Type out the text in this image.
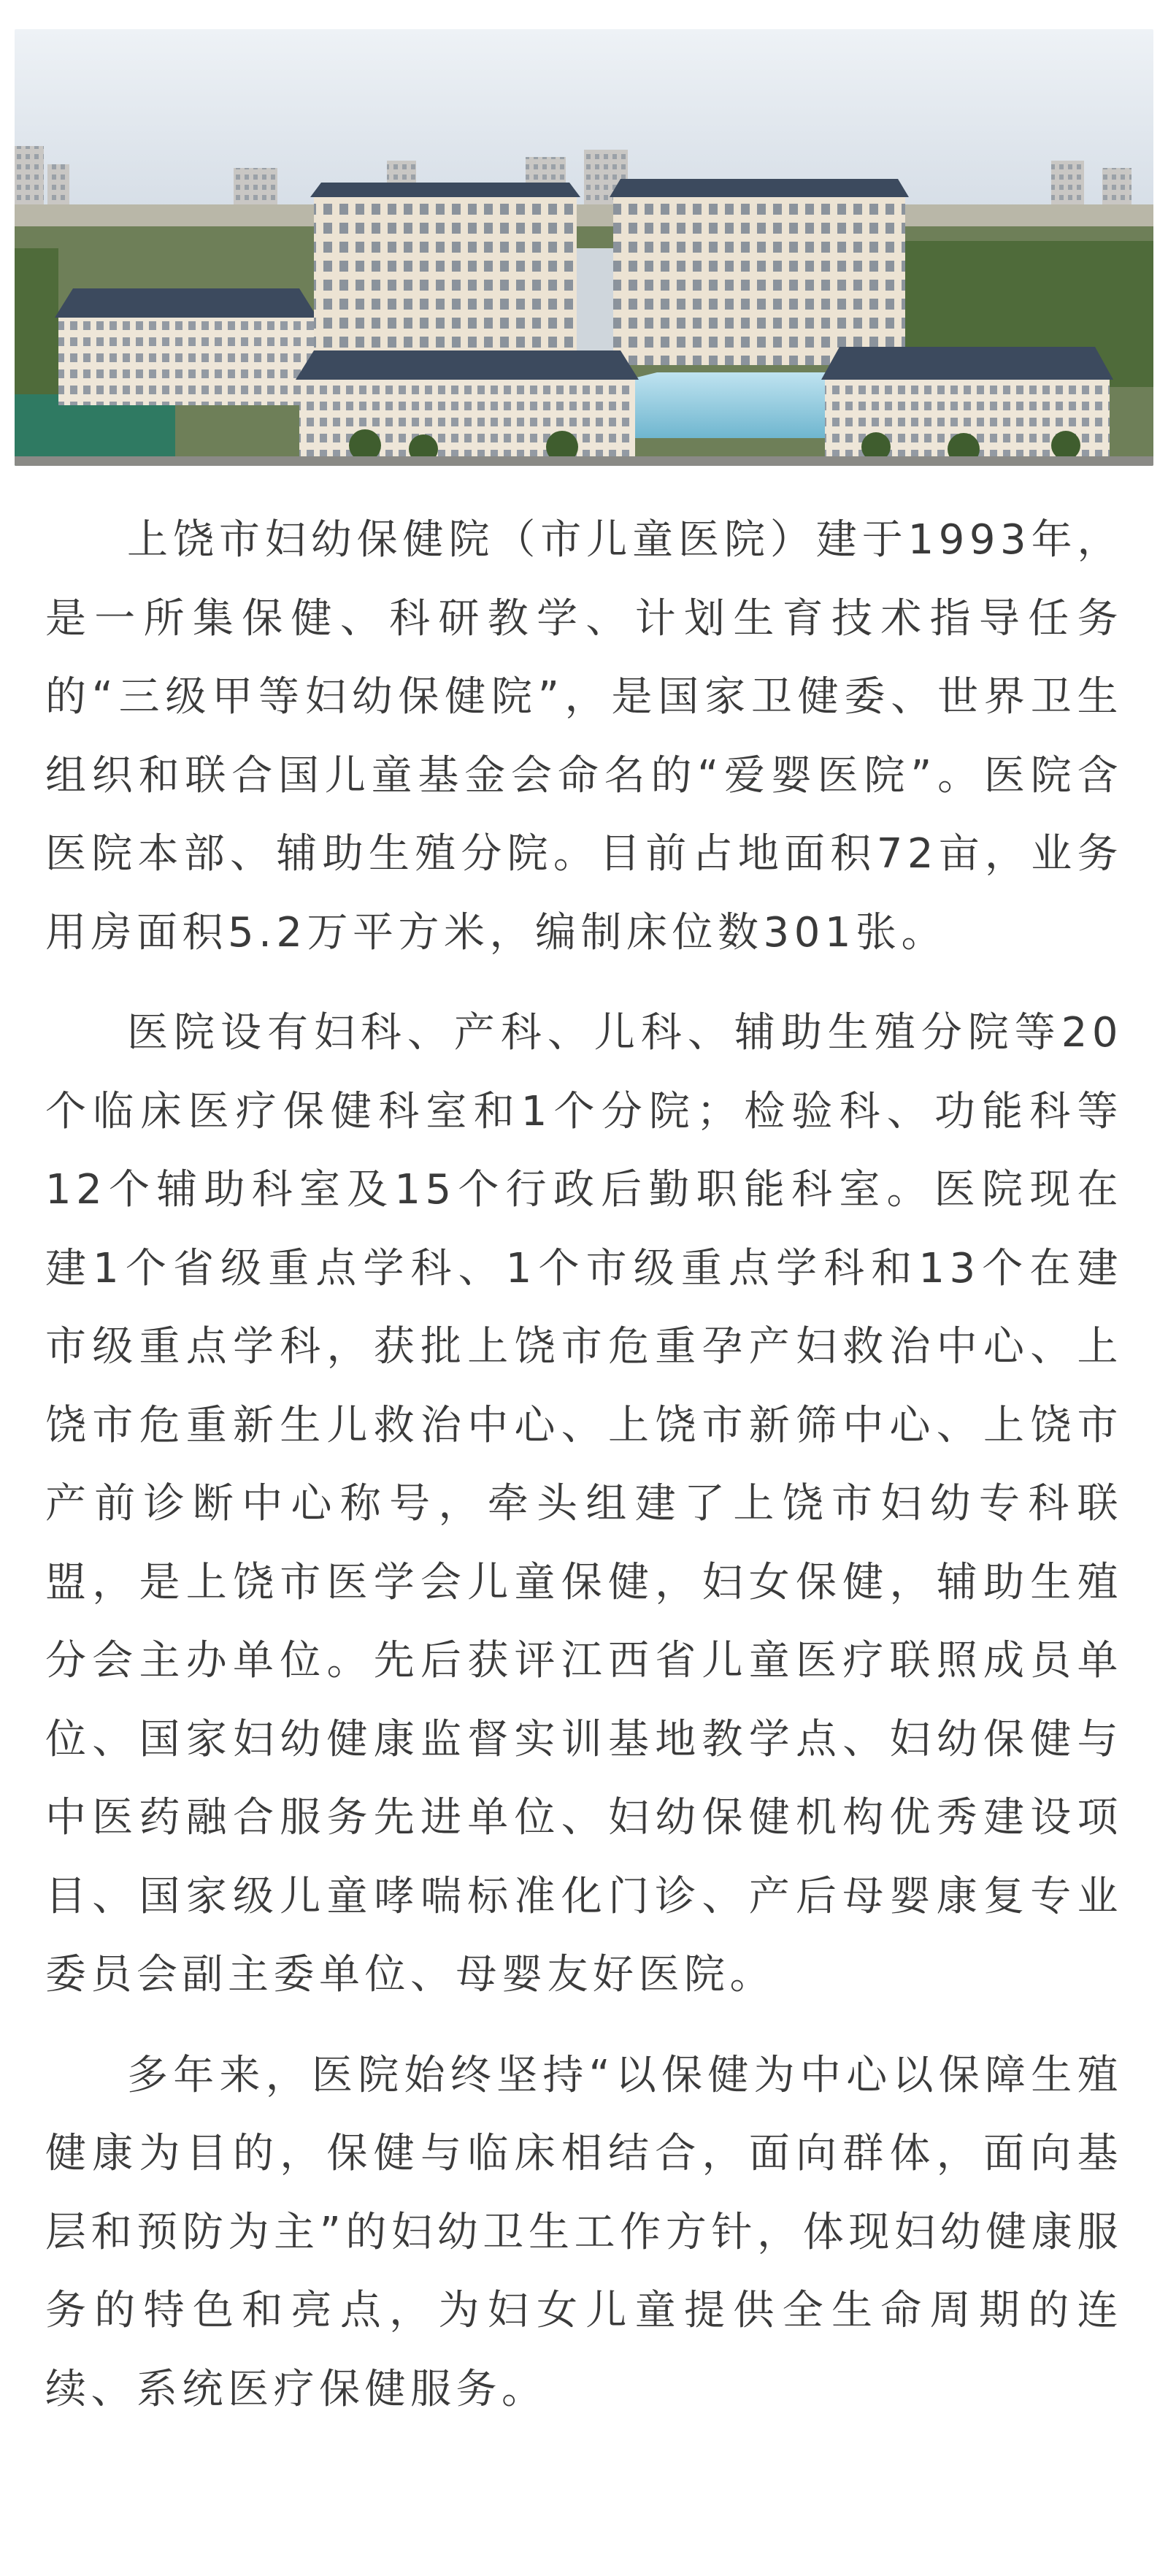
上饶市妇幼保健院（市儿童医院）建于1993年，是一所集保健、科研教学、计划生育技术指导任务的“三级甲等妇幼保健院”，是国家卫健委、世界卫生组织和联合国儿童基金会命名的“爱婴医院”。医院含医院本部、辅助生殖分院。目前占地面积72亩，业务用房面积5.2万平方米，编制床位数301张。

医院设有妇科、产科、儿科、辅助生殖分院等20个临床医疗保健科室和1个分院；检验科、功能科等12个辅助科室及15个行政后勤职能科室。医院现在建1个省级重点学科、1个市级重点学科和13个在建市级重点学科，获批上饶市危重孕产妇救治中心、上饶市危重新生儿救治中心、上饶市新筛中心、上饶市产前诊断中心称号，牵头组建了上饶市妇幼专科联盟，是上饶市医学会儿童保健，妇女保健，辅助生殖分会主办单位。先后获评江西省儿童医疗联照成员单位、国家妇幼健康监督实训基地教学点、妇幼保健与中医药融合服务先进单位、妇幼保健机构优秀建设项目、国家级儿童哮喘标准化门诊、产后母婴康复专业委员会副主委单位、母婴友好医院。

多年来，医院始终坚持“以保健为中心以保障生殖健康为目的，保健与临床相结合，面向群体，面向基层和预防为主”的妇幼卫生工作方针，体现妇幼健康服务的特色和亮点，为妇女儿童提供全生命周期的连续、系统医疗保健服务。
